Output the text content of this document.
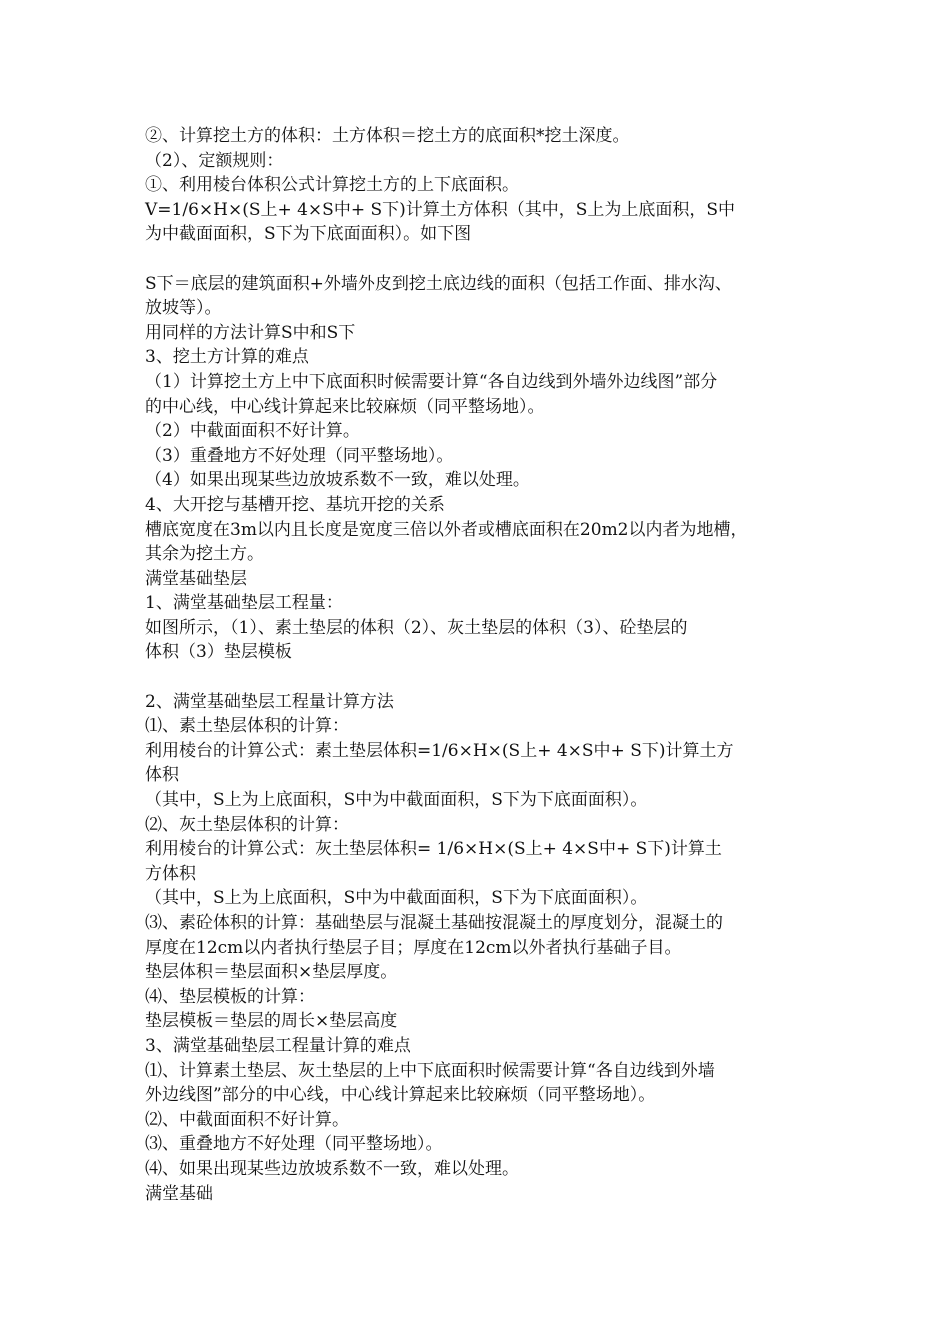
②、计算挖土方的体积：土方体积＝挖土方的底面积*挖土深度。
（2）、定额规则：
①、利用棱台体积公式计算挖土方的上下底面积。
V=1/6×H×(S上+ 4×S中+ S下)计算土方体积（其中，S上为上底面积，S中
为中截面面积，S下为下底面面积）。如下图
S下＝底层的建筑面积+外墙外皮到挖土底边线的面积（包括工作面、排水沟、
放坡等）。
用同样的方法计算S中和S下
3、挖土方计算的难点
（1）计算挖土方上中下底面积时候需要计算“各自边线到外墙外边线图”部分
的中心线，中心线计算起来比较麻烦（同平整场地）。
（2）中截面面积不好计算。
（3）重叠地方不好处理（同平整场地）。
（4）如果出现某些边放坡系数不一致，难以处理。
4、大开挖与基槽开挖、基坑开挖的关系
槽底宽度在3m以内且长度是宽度三倍以外者或槽底面积在20m2以内者为地槽，
其余为挖土方。
满堂基础垫层
1、满堂基础垫层工程量：
如图所示，（1）、素土垫层的体积（2）、灰土垫层的体积（3）、砼垫层的
体积（3）垫层模板
2、满堂基础垫层工程量计算方法
⑴、素土垫层体积的计算：
利用棱台的计算公式：素土垫层体积=1/6×H×(S上+ 4×S中+ S下)计算土方
体积
（其中，S上为上底面积，S中为中截面面积，S下为下底面面积）。
⑵、灰土垫层体积的计算：
利用棱台的计算公式：灰土垫层体积= 1/6×H×(S上+ 4×S中+ S下)计算土
方体积
（其中，S上为上底面积，S中为中截面面积，S下为下底面面积）。
⑶、素砼体积的计算：基础垫层与混凝土基础按混凝土的厚度划分，混凝土的
厚度在12cm以内者执行垫层子目；厚度在12cm以外者执行基础子目。
垫层体积＝垫层面积×垫层厚度。
⑷、垫层模板的计算：
垫层模板＝垫层的周长×垫层高度
3、满堂基础垫层工程量计算的难点
⑴、计算素土垫层、灰土垫层的上中下底面积时候需要计算“各自边线到外墙
外边线图”部分的中心线，中心线计算起来比较麻烦（同平整场地）。
⑵、中截面面积不好计算。
⑶、重叠地方不好处理（同平整场地）。
⑷、如果出现某些边放坡系数不一致，难以处理。
满堂基础
